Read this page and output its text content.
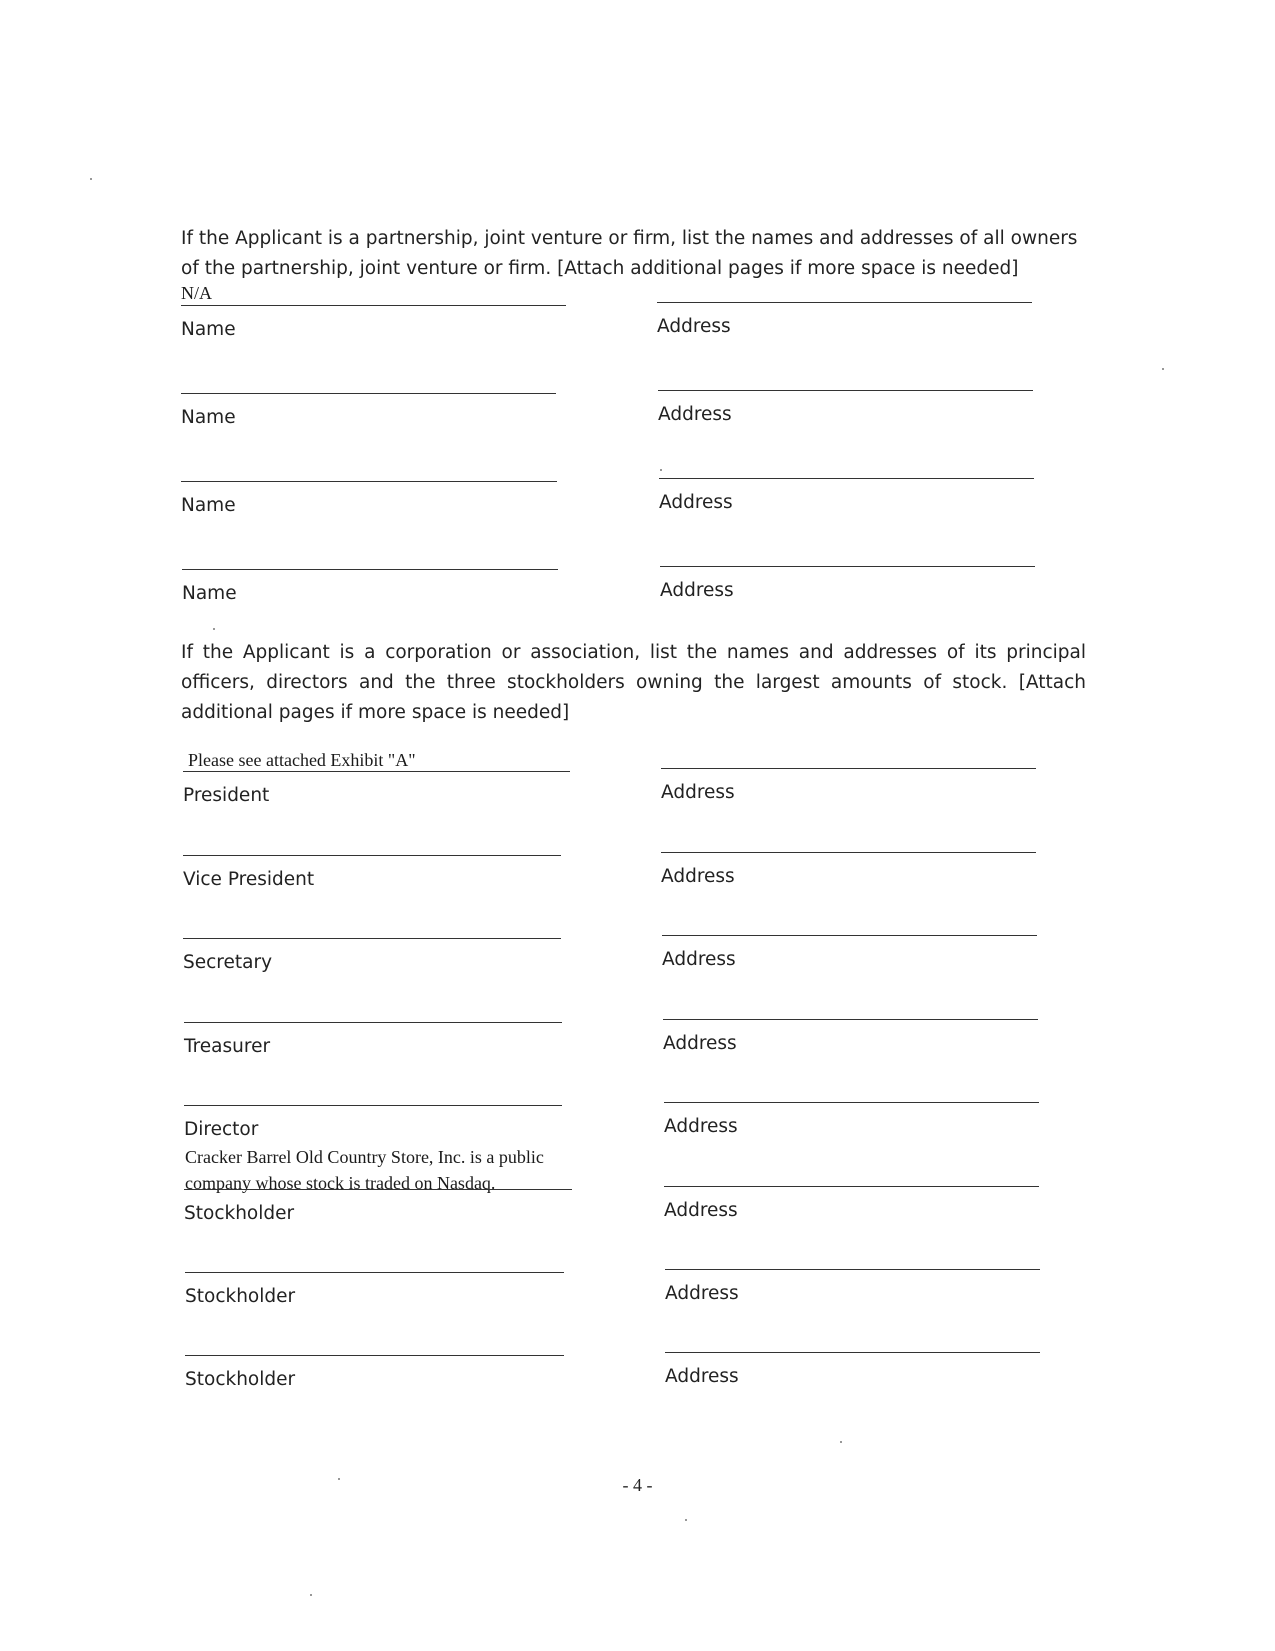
If the Applicant is a partnership, joint venture or firm, list the names and addresses of all owners of the partnership, joint venture or firm. [Attach additional pages if more space is needed]
N/A
Name	Address
Name	Address
Name	Address
Name	Address
If the Applicant is a corporation or association, list the names and addresses of its principal officers, directors and the three stockholders owning the largest amounts of stock. [Attach additional pages if more space is needed]
Please see attached Exhibit "A"
President	Address
Vice President	Address
Secretary	Address
Treasurer	Address
Director	Address
Cracker Barrel Old Country Store, Inc. is a public company whose stock is traded on Nasdaq.
Stockholder	Address
Stockholder	Address
Stockholder	Address
- 4 -
